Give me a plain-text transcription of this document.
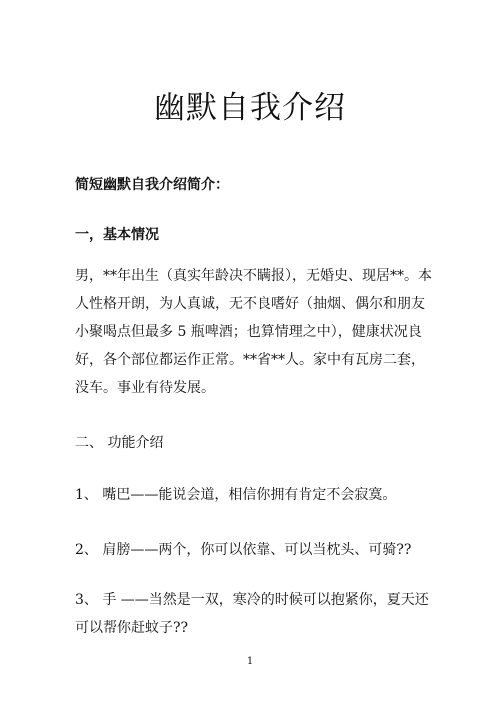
幽默自我介绍

简短幽默自我介绍简介：

一，基本情况

男，**年出生（真实年龄决不瞒报），无婚史、现居**。本
人性格开朗，为人真诚，无不良嗜好（抽烟、偶尔和朋友
小聚喝点但最多 5 瓶啤酒；也算情理之中），健康状况良
好，各个部位都运作正常。**省**人。家中有瓦房二套，
没车。事业有待发展。

二、 功能介绍

1、 嘴巴——能说会道，相信你拥有肯定不会寂寞。

2、 肩膀——两个，你可以依靠、可以当枕头、可骑??

3、 手 ——当然是一双，寒冷的时候可以抱紧你，夏天还
可以帮你赶蚊子??
1
